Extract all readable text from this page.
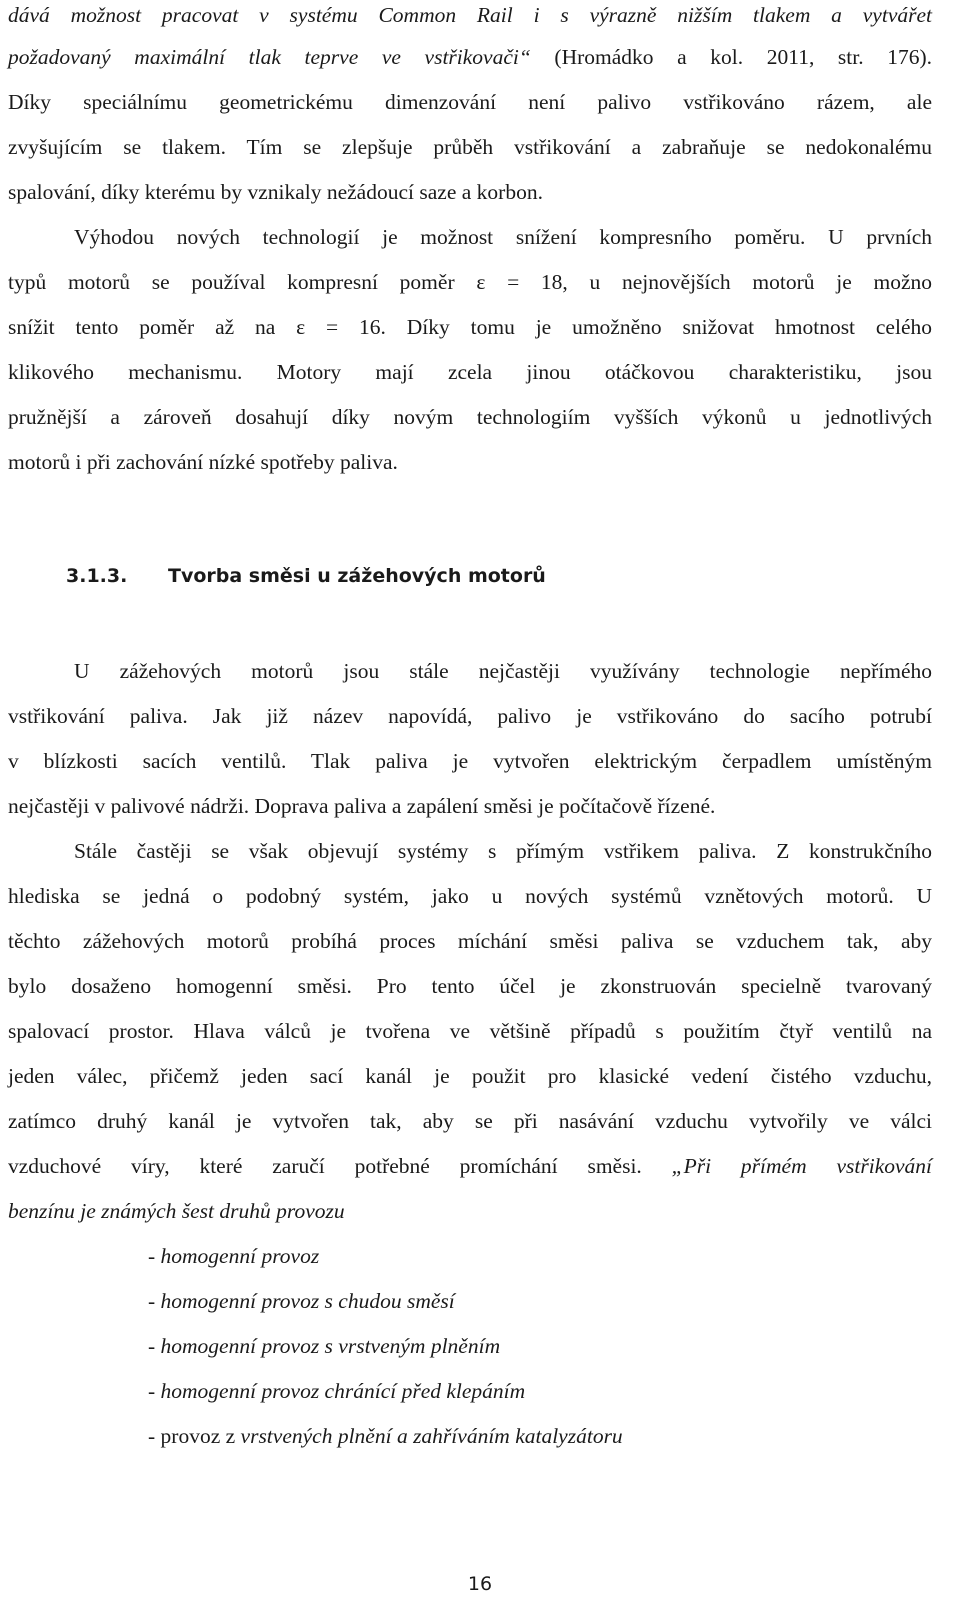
dává možnost pracovat v systému Common Rail i s výrazně nižším tlakem a vytvářet
požadovaný maximální tlak teprve ve vstřikovači“ (Hromádko a kol. 2011, str. 176).
Díky speciálnímu geometrickému dimenzování není palivo vstřikováno rázem, ale
zvyšujícím se tlakem. Tím se zlepšuje průběh vstřikování a zabraňuje se nedokonalému
spalování, díky kterému by vznikaly nežádoucí saze a korbon.
Výhodou nových technologií je možnost snížení kompresního poměru. U prvních
typů motorů se používal kompresní poměr ε = 18, u nejnovějších motorů je možno
snížit tento poměr až na ε = 16. Díky tomu je umožněno snižovat hmotnost celého
klikového mechanismu. Motory mají zcela jinou otáčkovou charakteristiku, jsou
pružnější a zároveň dosahují díky novým technologiím vyšších výkonů u jednotlivých
motorů i při zachování nízké spotřeby paliva.
3.1.3. Tvorba směsi u zážehových motorů
U zážehových motorů jsou stále nejčastěji využívány technologie nepřímého
vstřikování paliva. Jak již název napovídá, palivo je vstřikováno do sacího potrubí
v blízkosti sacích ventilů. Tlak paliva je vytvořen elektrickým čerpadlem umístěným
nejčastěji v palivové nádrži. Doprava paliva a zapálení směsi je počítačově řízené.
Stále častěji se však objevují systémy s přímým vstřikem paliva. Z konstrukčního
hlediska se jedná o podobný systém, jako u nových systémů vznětových motorů. U
těchto zážehových motorů probíhá proces míchání směsi paliva se vzduchem tak, aby
bylo dosaženo homogenní směsi. Pro tento účel je zkonstruován specielně tvarovaný
spalovací prostor. Hlava válců je tvořena ve většině případů s použitím čtyř ventilů na
jeden válec, přičemž jeden sací kanál je použit pro klasické vedení čistého vzduchu,
zatímco druhý kanál je vytvořen tak, aby se při nasávání vzduchu vytvořily ve válci
vzduchové víry, které zaručí potřebné promíchání směsi. „Při přímém vstřikování
benzínu je známých šest druhů provozu
- homogenní provoz
- homogenní provoz s chudou směsí
- homogenní provoz s vrstveným plněním
- homogenní provoz chránící před klepáním
- provoz z vrstvených plnění a zahříváním katalyzátoru
16
